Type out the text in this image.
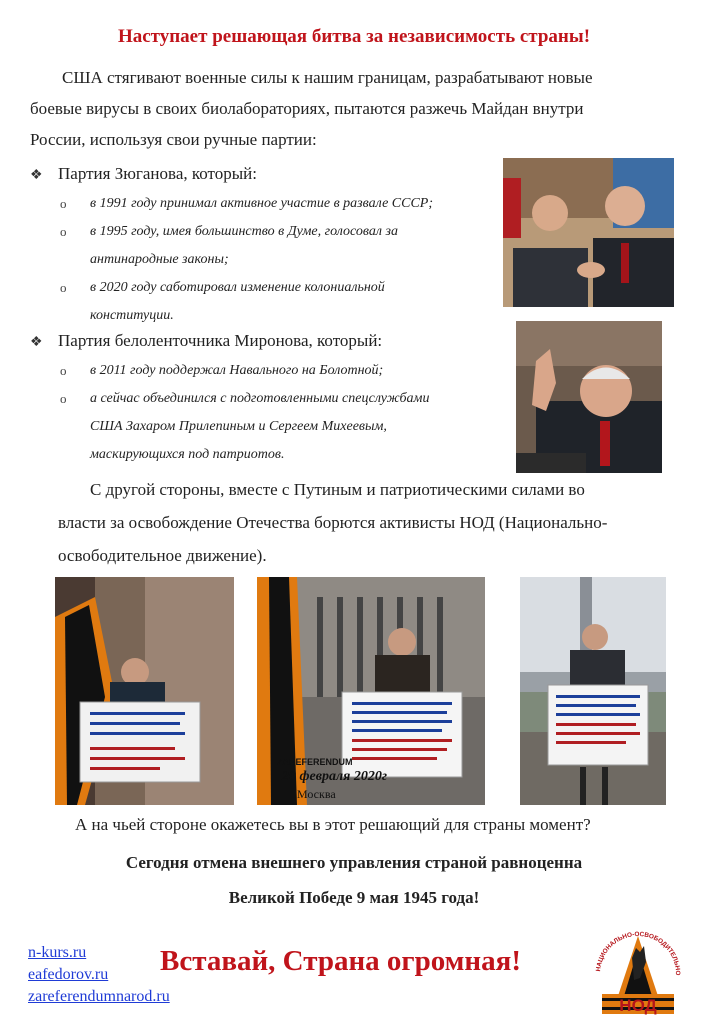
Наступает решающая битва за независимость страны!
США стягивают военные силы к нашим границам, разрабатывают новые
боевые вирусы в своих биолабораториях, пытаются разжечь Майдан внутри
России, используя свои ручные партии:
❖ Партия Зюганова, который:
o в 1991 году принимал активное участие в развале СССР;
o в 1995 году, имея большинство в Думе, голосовал за
антинародные законы;
o в 2020 году саботировал изменение колониальной
конституции.
❖ Партия белоленточника Миронова, который:
o в 2011 году поддержал Навального на Болотной;
o а сейчас объединился с подготовленными спецслужбами
США Захаром Прилепиным и Сергеем Михеевым,
маскирующихся под патриотов.
С другой стороны, вместе с Путиным и патриотическими силами во
власти за освобождение Отечества борются активисты НОД (Национально-
освободительное движение).
ZAREFERENDUM
20 февраля 2020г
Москва
А на чьей стороне окажетесь вы в этот решающий для страны момент?
Сегодня отмена внешнего управления страной равноценна
Великой Победе 9 мая 1945 года!
n-kurs.ru
eafedorov.ru
zareferendumnarod.ru
Вставай, Страна огромная!	НАЦИОНАЛЬНО-ОСВОБОДИТЕЛЬНО
НОД
